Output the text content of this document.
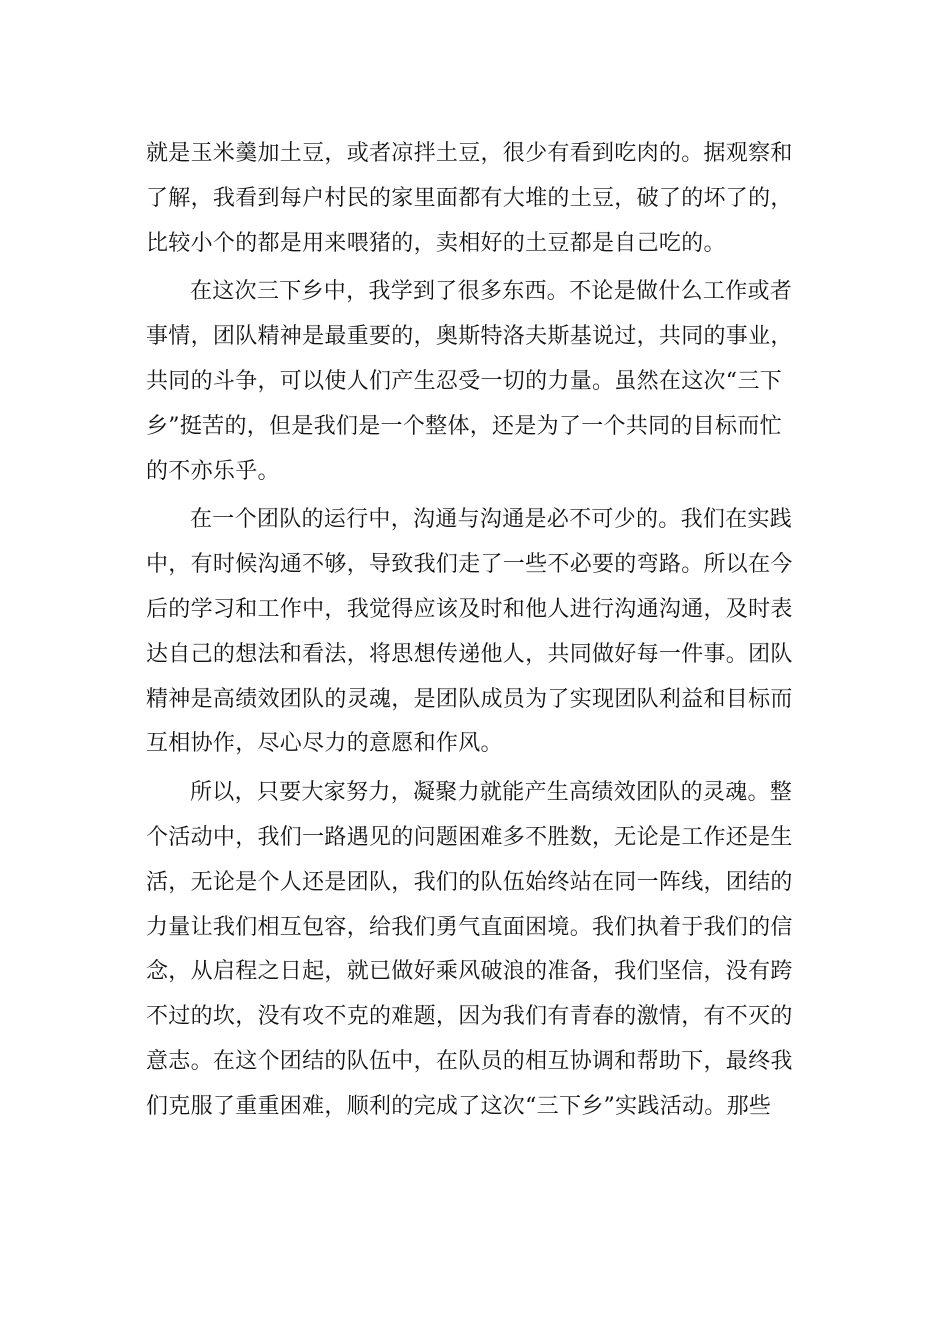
就是玉米羹加土豆，或者凉拌土豆，很少有看到吃肉的。据观察和
了解，我看到每户村民的家里面都有大堆的土豆，破了的坏了的，
比较小个的都是用来喂猪的，卖相好的土豆都是自己吃的。
在这次三下乡中，我学到了很多东西。不论是做什么工作或者
事情，团队精神是最重要的，奥斯特洛夫斯基说过，共同的事业，
共同的斗争，可以使人们产生忍受一切的力量。虽然在这次“三下
乡”挺苦的，但是我们是一个整体，还是为了一个共同的目标而忙
的不亦乐乎。
在一个团队的运行中，沟通与沟通是必不可少的。我们在实践
中，有时候沟通不够，导致我们走了一些不必要的弯路。所以在今
后的学习和工作中，我觉得应该及时和他人进行沟通沟通，及时表
达自己的想法和看法，将思想传递他人，共同做好每一件事。团队
精神是高绩效团队的灵魂，是团队成员为了实现团队利益和目标而
互相协作，尽心尽力的意愿和作风。
所以，只要大家努力，凝聚力就能产生高绩效团队的灵魂。整
个活动中，我们一路遇见的问题困难多不胜数，无论是工作还是生
活，无论是个人还是团队，我们的队伍始终站在同一阵线，团结的
力量让我们相互包容，给我们勇气直面困境。我们执着于我们的信
念，从启程之日起，就已做好乘风破浪的准备，我们坚信，没有跨
不过的坎，没有攻不克的难题，因为我们有青春的激情，有不灭的
意志。在这个团结的队伍中，在队员的相互协调和帮助下，最终我
们克服了重重困难，顺利的完成了这次“三下乡”实践活动。那些
